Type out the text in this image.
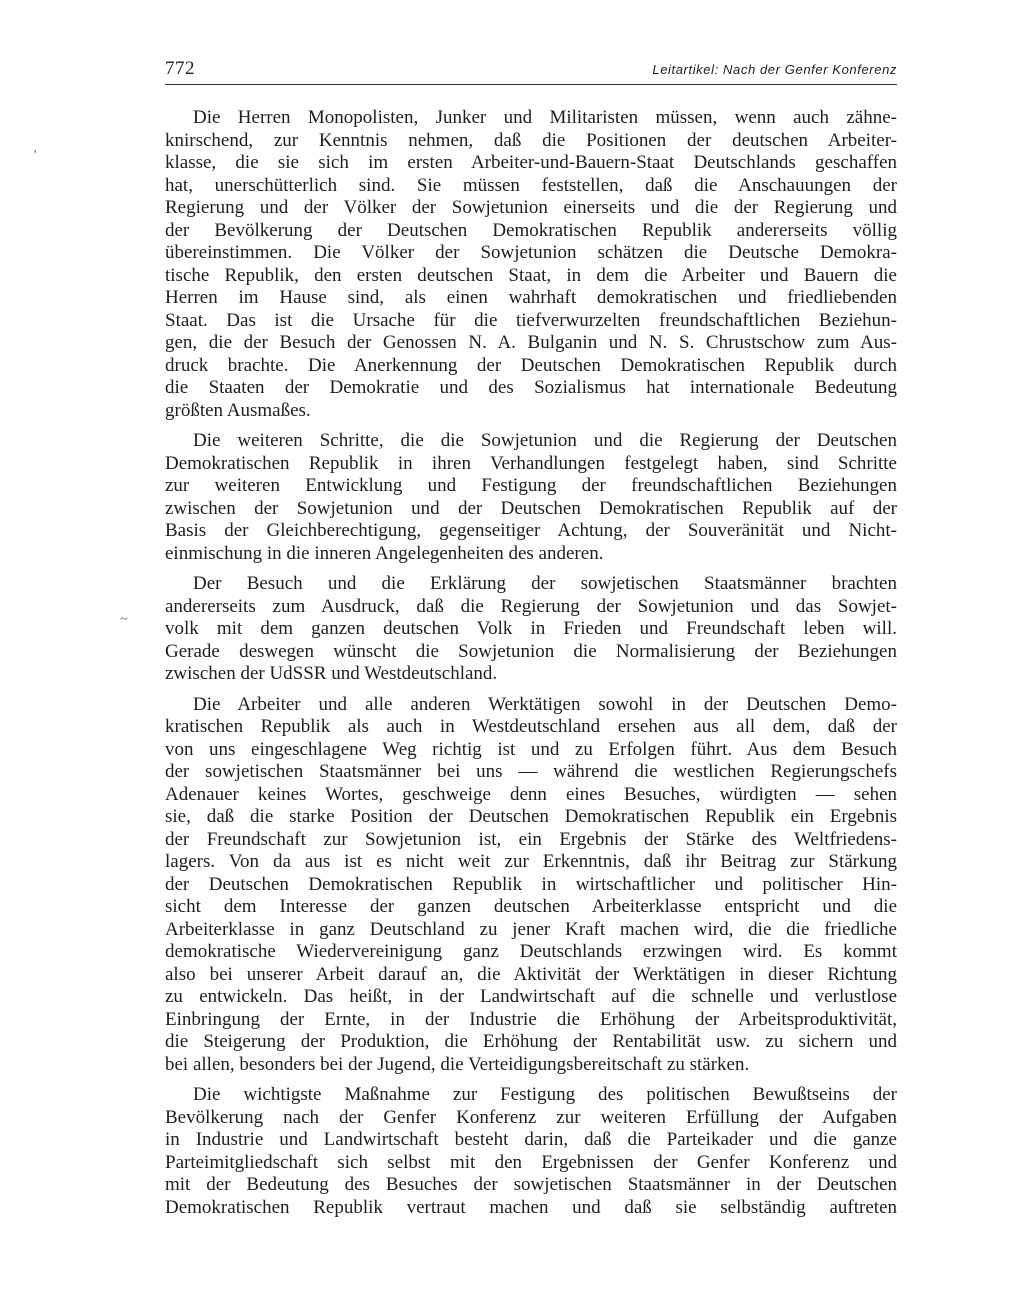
772	Leitartikel: Nach der Genfer Konferenz

Die Herren Monopolisten, Junker und Militaristen müssen, wenn auch zähne-
knirschend, zur Kenntnis nehmen, daß die Positionen der deutschen Arbeiter-
klasse, die sie sich im ersten Arbeiter-und-Bauern-Staat Deutschlands geschaffen
hat, unerschütterlich sind. Sie müssen feststellen, daß die Anschauungen der
Regierung und der Völker der Sowjetunion einerseits und die der Regierung und
der Bevölkerung der Deutschen Demokratischen Republik andererseits völlig
übereinstimmen. Die Völker der Sowjetunion schätzen die Deutsche Demokra-
tische Republik, den ersten deutschen Staat, in dem die Arbeiter und Bauern die
Herren im Hause sind, als einen wahrhaft demokratischen und friedliebenden
Staat. Das ist die Ursache für die tiefverwurzelten freundschaftlichen Beziehun-
gen, die der Besuch der Genossen N. A. Bulganin und N. S. Chrustschow zum Aus-
druck brachte. Die Anerkennung der Deutschen Demokratischen Republik durch
die Staaten der Demokratie und des Sozialismus hat internationale Bedeutung
größten Ausmaßes.

Die weiteren Schritte, die die Sowjetunion und die Regierung der Deutschen
Demokratischen Republik in ihren Verhandlungen festgelegt haben, sind Schritte
zur weiteren Entwicklung und Festigung der freundschaftlichen Beziehungen
zwischen der Sowjetunion und der Deutschen Demokratischen Republik auf der
Basis der Gleichberechtigung, gegenseitiger Achtung, der Souveränität und Nicht-
einmischung in die inneren Angelegenheiten des anderen.

Der Besuch und die Erklärung der sowjetischen Staatsmänner brachten
andererseits zum Ausdruck, daß die Regierung der Sowjetunion und das Sowjet-
volk mit dem ganzen deutschen Volk in Frieden und Freundschaft leben will.
Gerade deswegen wünscht die Sowjetunion die Normalisierung der Beziehungen
zwischen der UdSSR und Westdeutschland.

Die Arbeiter und alle anderen Werktätigen sowohl in der Deutschen Demo-
kratischen Republik als auch in Westdeutschland ersehen aus all dem, daß der
von uns eingeschlagene Weg richtig ist und zu Erfolgen führt. Aus dem Besuch
der sowjetischen Staatsmänner bei uns — während die westlichen Regierungschefs
Adenauer keines Wortes, geschweige denn eines Besuches, würdigten — sehen
sie, daß die starke Position der Deutschen Demokratischen Republik ein Ergebnis
der Freundschaft zur Sowjetunion ist, ein Ergebnis der Stärke des Weltfriedens-
lagers. Von da aus ist es nicht weit zur Erkenntnis, daß ihr Beitrag zur Stärkung
der Deutschen Demokratischen Republik in wirtschaftlicher und politischer Hin-
sicht dem Interesse der ganzen deutschen Arbeiterklasse entspricht und die
Arbeiterklasse in ganz Deutschland zu jener Kraft machen wird, die die friedliche
demokratische Wiedervereinigung ganz Deutschlands erzwingen wird. Es kommt
also bei unserer Arbeit darauf an, die Aktivität der Werktätigen in dieser Richtung
zu entwickeln. Das heißt, in der Landwirtschaft auf die schnelle und verlustlose
Einbringung der Ernte, in der Industrie die Erhöhung der Arbeitsproduktivität,
die Steigerung der Produktion, die Erhöhung der Rentabilität usw. zu sichern und
bei allen, besonders bei der Jugend, die Verteidigungsbereitschaft zu stärken.

Die wichtigste Maßnahme zur Festigung des politischen Bewußtseins der
Bevölkerung nach der Genfer Konferenz zur weiteren Erfüllung der Aufgaben
in Industrie und Landwirtschaft besteht darin, daß die Parteikader und die ganze
Parteimitgliedschaft sich selbst mit den Ergebnissen der Genfer Konferenz und
mit der Bedeutung des Besuches der sowjetischen Staatsmänner in der Deutschen
Demokratischen Republik vertraut machen und daß sie selbständig auftreten

'
~
